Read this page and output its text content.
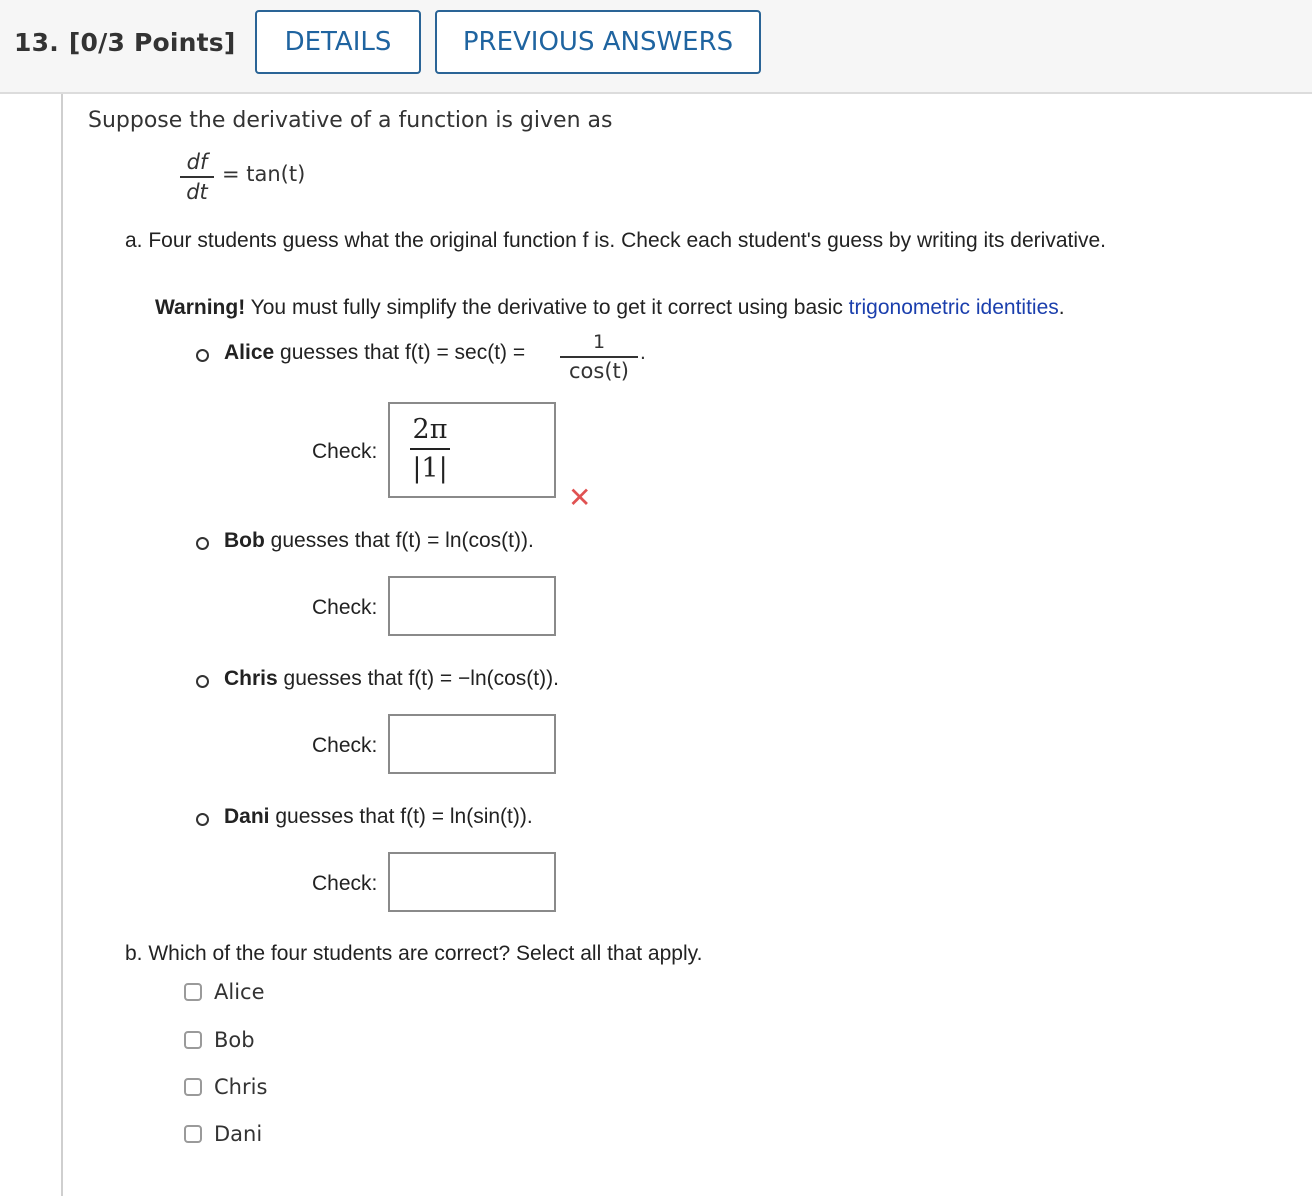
13. [0/3 Points]	DETAILS	PREVIOUS ANSWERS
Suppose the derivative of a function is given as
df
dt
= tan(t)
a. Four students guess what the original function f is. Check each student's guess by writing its derivative.
Warning! You must fully simplify the derivative to get it correct using basic trigonometric identities.
Alice guesses that f(t) = sec(t) =	1
cos(t)
.
Check:
2π
|1|
✕
Bob guesses that f(t) = ln(cos(t)).
Check:
Chris guesses that f(t) = −ln(cos(t)).
Check:
Dani guesses that f(t) = ln(sin(t)).
Check:
b. Which of the four students are correct? Select all that apply.
Alice
Bob
Chris
Dani
